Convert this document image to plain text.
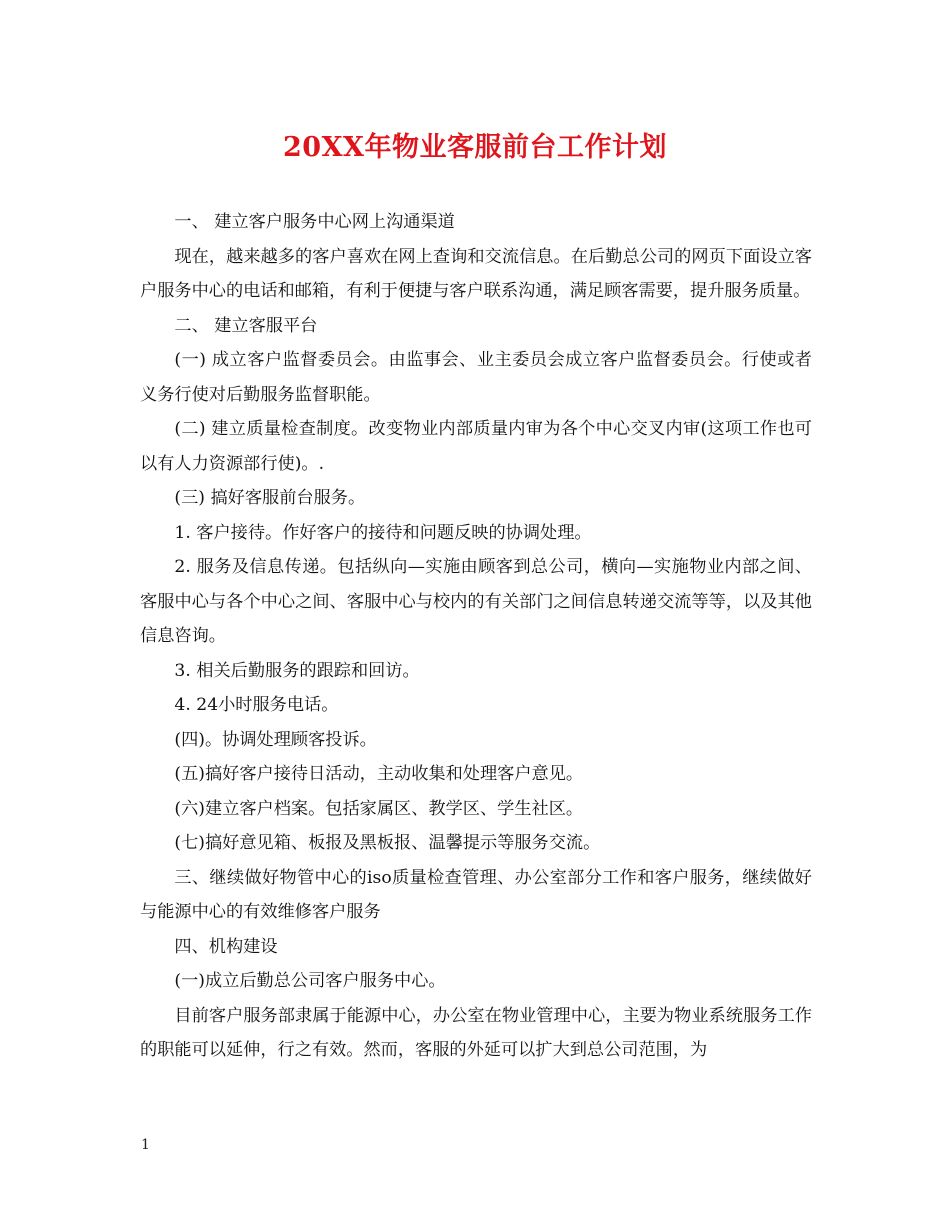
20XX年物业客服前台工作计划

一、 建立客户服务中心网上沟通渠道

现在，越来越多的客户喜欢在网上查询和交流信息。在后勤总公司的网页下面设立客户服务中心的电话和邮箱，有利于便捷与客户联系沟通，满足顾客需要，提升服务质量。

二、 建立客服平台

(一) 成立客户监督委员会。由监事会、业主委员会成立客户监督委员会。行使或者义务行使对后勤服务监督职能。

(二) 建立质量检查制度。改变物业内部质量内审为各个中心交叉内审(这项工作也可以有人力资源部行使)。.

(三) 搞好客服前台服务。

1. 客户接待。作好客户的接待和问题反映的协调处理。

2. 服务及信息传递。包括纵向—实施由顾客到总公司，横向—实施物业内部之间、客服中心与各个中心之间、客服中心与校内的有关部门之间信息转递交流等等，以及其他信息咨询。

3. 相关后勤服务的跟踪和回访。

4. 24小时服务电话。

(四)。协调处理顾客投诉。

(五)搞好客户接待日活动，主动收集和处理客户意见。

(六)建立客户档案。包括家属区、教学区、学生社区。

(七)搞好意见箱、板报及黑板报、温馨提示等服务交流。

三、继续做好物管中心的iso质量检查管理、办公室部分工作和客户服务，继续做好与能源中心的有效维修客户服务

四、机构建设

(一)成立后勤总公司客户服务中心。

目前客户服务部隶属于能源中心，办公室在物业管理中心，主要为物业系统服务工作的职能可以延伸，行之有效。然而，客服的外延可以扩大到总公司范围，为

1
